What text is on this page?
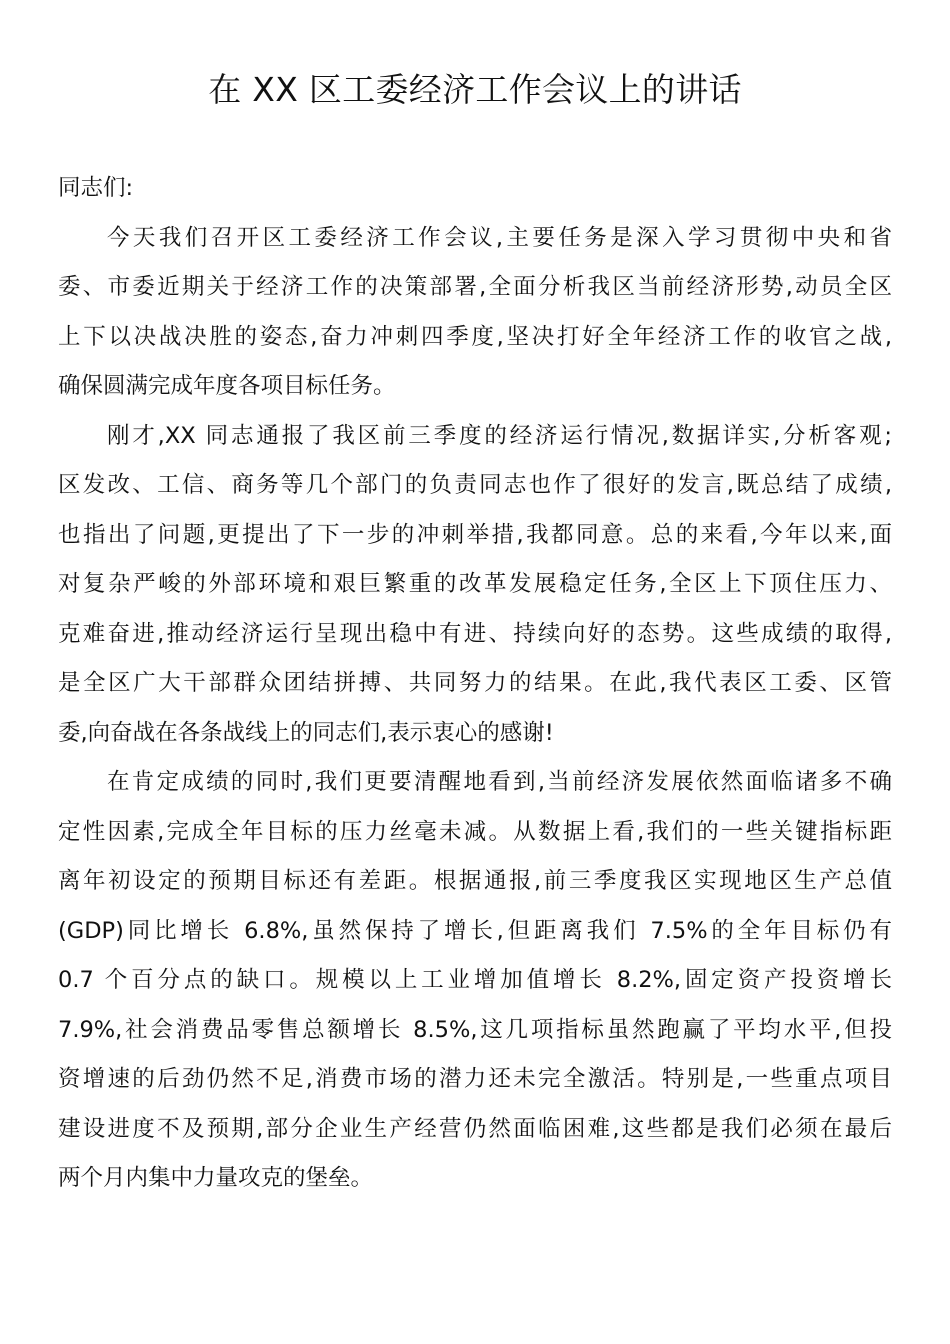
在 XX 区工委经济工作会议上的讲话
同志们:
今天我们召开区工委经济工作会议,主要任务是深入学习贯彻中央和省
委、市委近期关于经济工作的决策部署,全面分析我区当前经济形势,动员全区
上下以决战决胜的姿态,奋力冲刺四季度,坚决打好全年经济工作的收官之战,
确保圆满完成年度各项目标任务。
刚才,XX 同志通报了我区前三季度的经济运行情况,数据详实,分析客观;
区发改、工信、商务等几个部门的负责同志也作了很好的发言,既总结了成绩,
也指出了问题,更提出了下一步的冲刺举措,我都同意。总的来看,今年以来,面
对复杂严峻的外部环境和艰巨繁重的改革发展稳定任务,全区上下顶住压力、
克难奋进,推动经济运行呈现出稳中有进、持续向好的态势。这些成绩的取得,
是全区广大干部群众团结拼搏、共同努力的结果。在此,我代表区工委、区管
委,向奋战在各条战线上的同志们,表示衷心的感谢!
在肯定成绩的同时,我们更要清醒地看到,当前经济发展依然面临诸多不确
定性因素,完成全年目标的压力丝毫未减。从数据上看,我们的一些关键指标距
离年初设定的预期目标还有差距。根据通报,前三季度我区实现地区生产总值
(GDP)同比增长 6.8%,虽然保持了增长,但距离我们 7.5%的全年目标仍有
0.7 个百分点的缺口。规模以上工业增加值增长 8.2%,固定资产投资增长
7.9%,社会消费品零售总额增长 8.5%,这几项指标虽然跑赢了平均水平,但投
资增速的后劲仍然不足,消费市场的潜力还未完全激活。特别是,一些重点项目
建设进度不及预期,部分企业生产经营仍然面临困难,这些都是我们必须在最后
两个月内集中力量攻克的堡垒。
